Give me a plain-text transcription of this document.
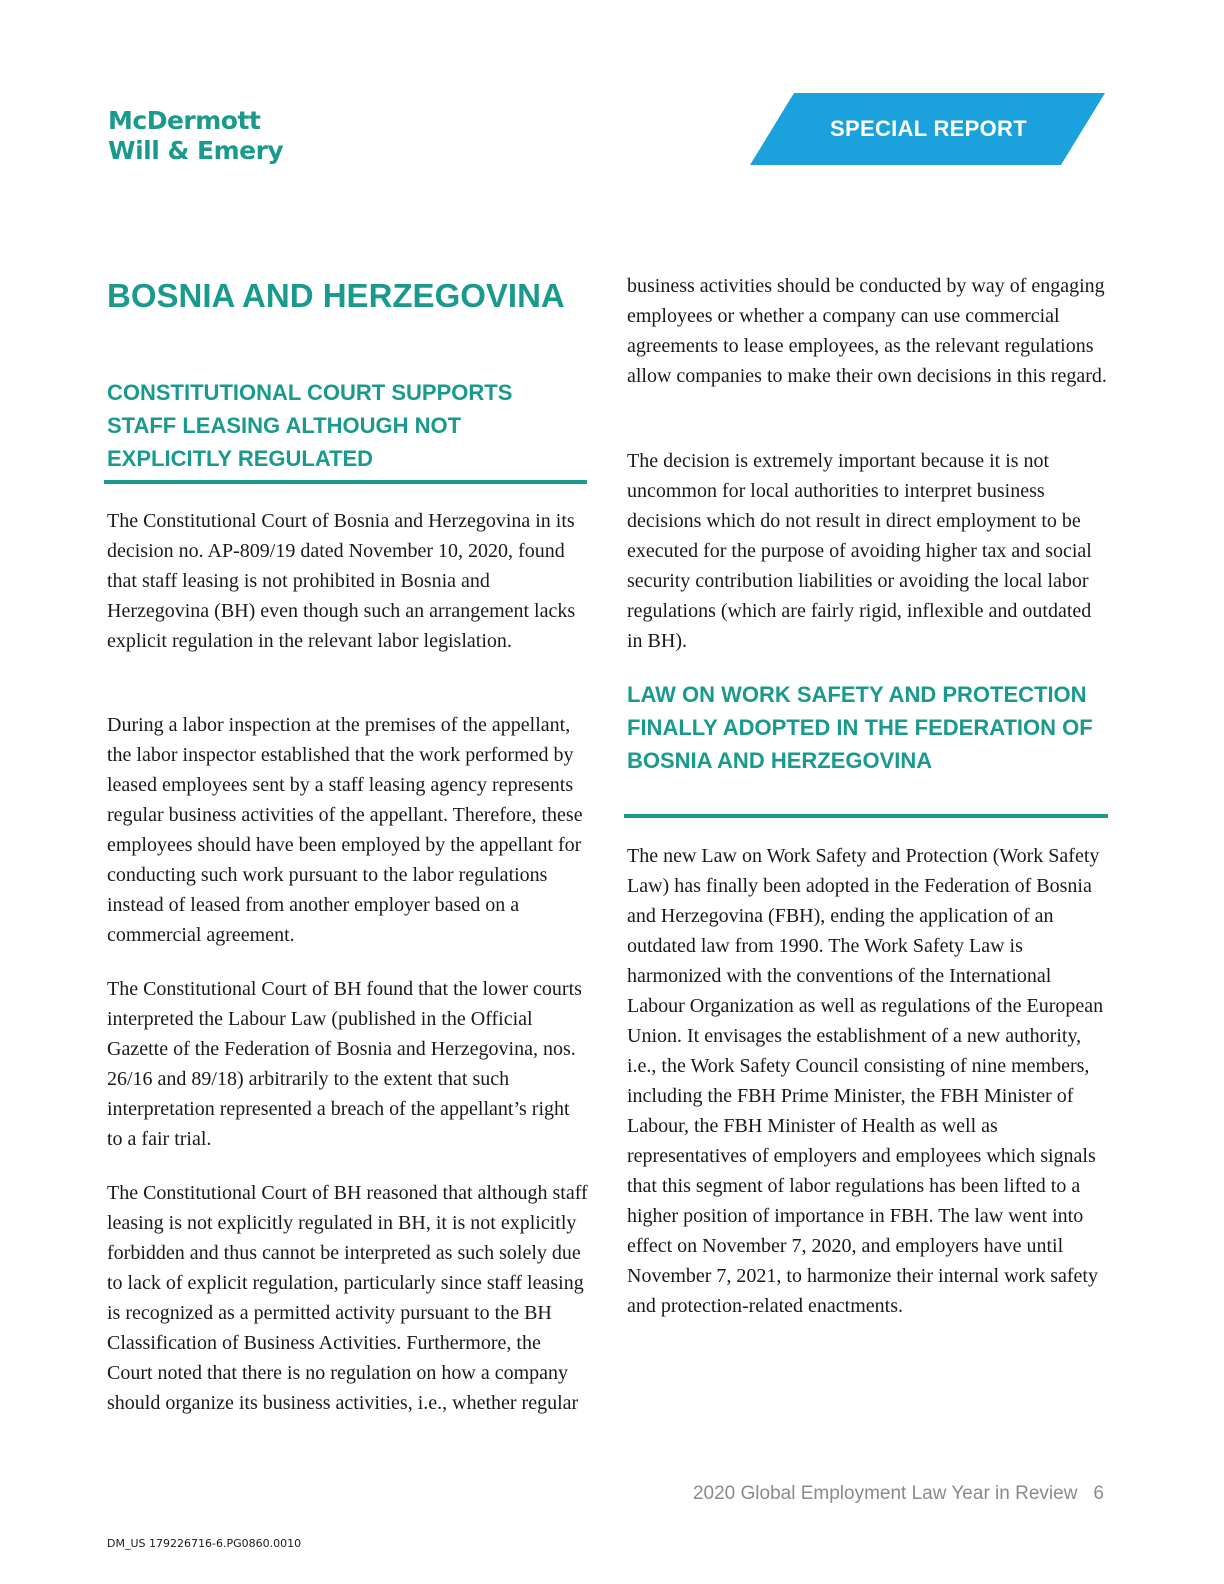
McDermott
Will & Emery
SPECIAL REPORT
BOSNIA AND HERZEGOVINA
CONSTITUTIONAL COURT SUPPORTS STAFF LEASING ALTHOUGH NOT EXPLICITLY REGULATED

The Constitutional Court of Bosnia and Herzegovina in its decision no. AP-809/19 dated November 10, 2020, found that staff leasing is not prohibited in Bosnia and Herzegovina (BH) even though such an arrangement lacks explicit regulation in the relevant labor legislation.

During a labor inspection at the premises of the appellant, the labor inspector established that the work performed by leased employees sent by a staff leasing agency represents regular business activities of the appellant. Therefore, these employees should have been employed by the appellant for conducting such work pursuant to the labor regulations instead of leased from another employer based on a commercial agreement.

The Constitutional Court of BH found that the lower courts interpreted the Labour Law (published in the Official Gazette of the Federation of Bosnia and Herzegovina, nos. 26/16 and 89/18) arbitrarily to the extent that such interpretation represented a breach of the appellant’s right to a fair trial.

The Constitutional Court of BH reasoned that although staff leasing is not explicitly regulated in BH, it is not explicitly forbidden and thus cannot be interpreted as such solely due to lack of explicit regulation, particularly since staff leasing is recognized as a permitted activity pursuant to the BH Classification of Business Activities. Furthermore, the Court noted that there is no regulation on how a company should organize its business activities, i.e., whether regular

business activities should be conducted by way of engaging employees or whether a company can use commercial agreements to lease employees, as the relevant regulations allow companies to make their own decisions in this regard.

The decision is extremely important because it is not uncommon for local authorities to interpret business decisions which do not result in direct employment to be executed for the purpose of avoiding higher tax and social security contribution liabilities or avoiding the local labor regulations (which are fairly rigid, inflexible and outdated in BH).

LAW ON WORK SAFETY AND PROTECTION FINALLY ADOPTED IN THE FEDERATION OF BOSNIA AND HERZEGOVINA

The new Law on Work Safety and Protection (Work Safety Law) has finally been adopted in the Federation of Bosnia and Herzegovina (FBH), ending the application of an outdated law from 1990. The Work Safety Law is harmonized with the conventions of the International Labour Organization as well as regulations of the European Union. It envisages the establishment of a new authority, i.e., the Work Safety Council consisting of nine members, including the FBH Prime Minister, the FBH Minister of Labour, the FBH Minister of Health as well as representatives of employers and employees which signals that this segment of labor regulations has been lifted to a higher position of importance in FBH. The law went into effect on November 7, 2020, and employers have until November 7, 2021, to harmonize their internal work safety and protection-related enactments.

2020 Global Employment Law Year in Review 6
DM_US 179226716-6.PG0860.0010
